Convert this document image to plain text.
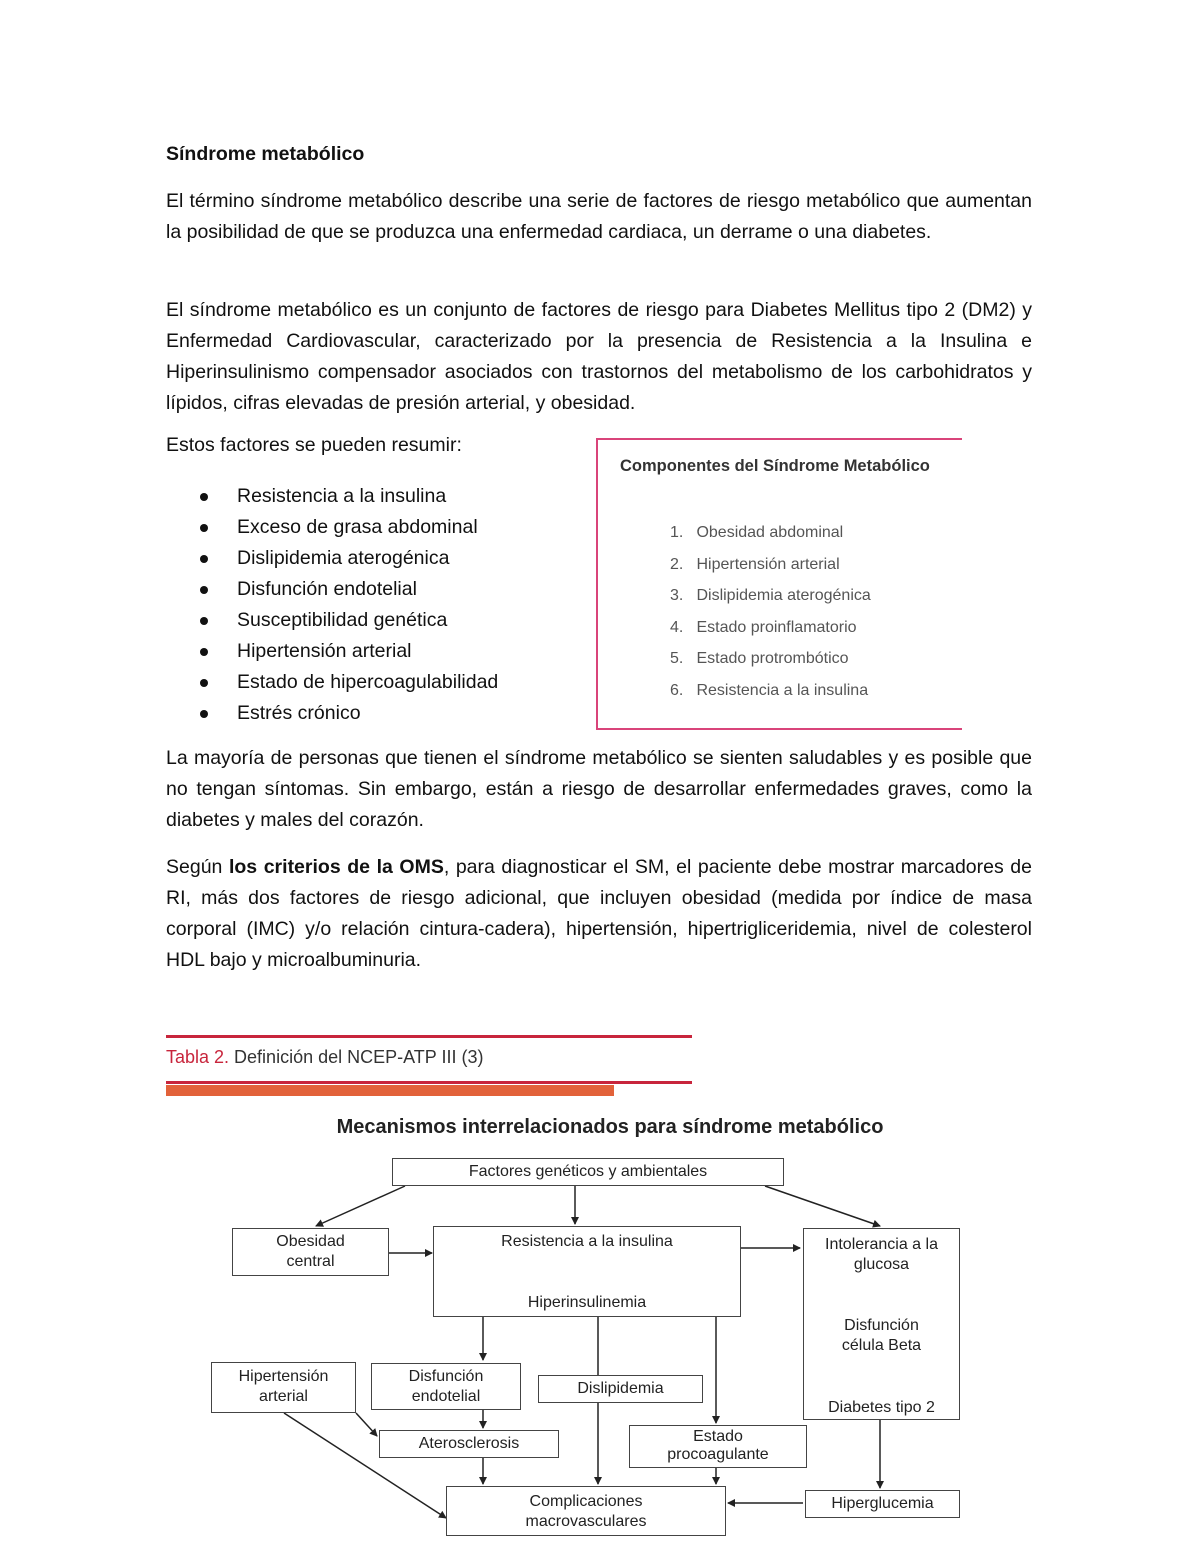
Síndrome metabólico
El término síndrome metabólico describe una serie de factores de riesgo metabólico que aumentan la posibilidad de que se produzca una enfermedad cardiaca, un derrame o una diabetes.
El síndrome metabólico es un conjunto de factores de riesgo para Diabetes Mellitus tipo 2 (DM2) y Enfermedad Cardiovascular, caracterizado por la presencia de Resistencia a la Insulina e Hiperinsulinismo compensador asociados con trastornos del metabolismo de los carbohidratos y lípidos, cifras elevadas de presión arterial, y obesidad.
Estos factores se pueden resumir:
Resistencia a la insulina
Exceso de grasa abdominal
Dislipidemia aterogénica
Disfunción endotelial
Susceptibilidad genética
Hipertensión arterial
Estado de hipercoagulabilidad
Estrés crónico
Componentes del Síndrome Metabólico
1. Obesidad abdominal
2. Hipertensión arterial
3. Dislipidemia aterogénica
4. Estado proinflamatorio
5. Estado protrombótico
6. Resistencia a la insulina
La mayoría de personas que tienen el síndrome metabólico se sienten saludables y es posible que no tengan síntomas. Sin embargo, están a riesgo de desarrollar enfermedades graves, como la diabetes y males del corazón.
Según los criterios de la OMS, para diagnosticar el SM, el paciente debe mostrar marcadores de RI, más dos factores de riesgo adicional, que incluyen obesidad (medida por índice de masa corporal (IMC) y/o relación cintura-cadera), hipertensión, hipertrigliceridemia, nivel de colesterol HDL bajo y microalbuminuria.
Tabla 2. Definición del NCEP-ATP III (3)
Mecanismos interrelacionados para síndrome metabólico
Factores genéticos y ambientales
Obesidad
central
Resistencia a la insulina
Hiperinsulinemia
Intolerancia a la
glucosa
Disfunción
célula Beta
Diabetes tipo 2
Hipertensión
arterial
Disfunción
endotelial	Dislipidemia
Aterosclerosis	Estado
procoagulante
Complicaciones
macrovasculares
Hiperglucemia
